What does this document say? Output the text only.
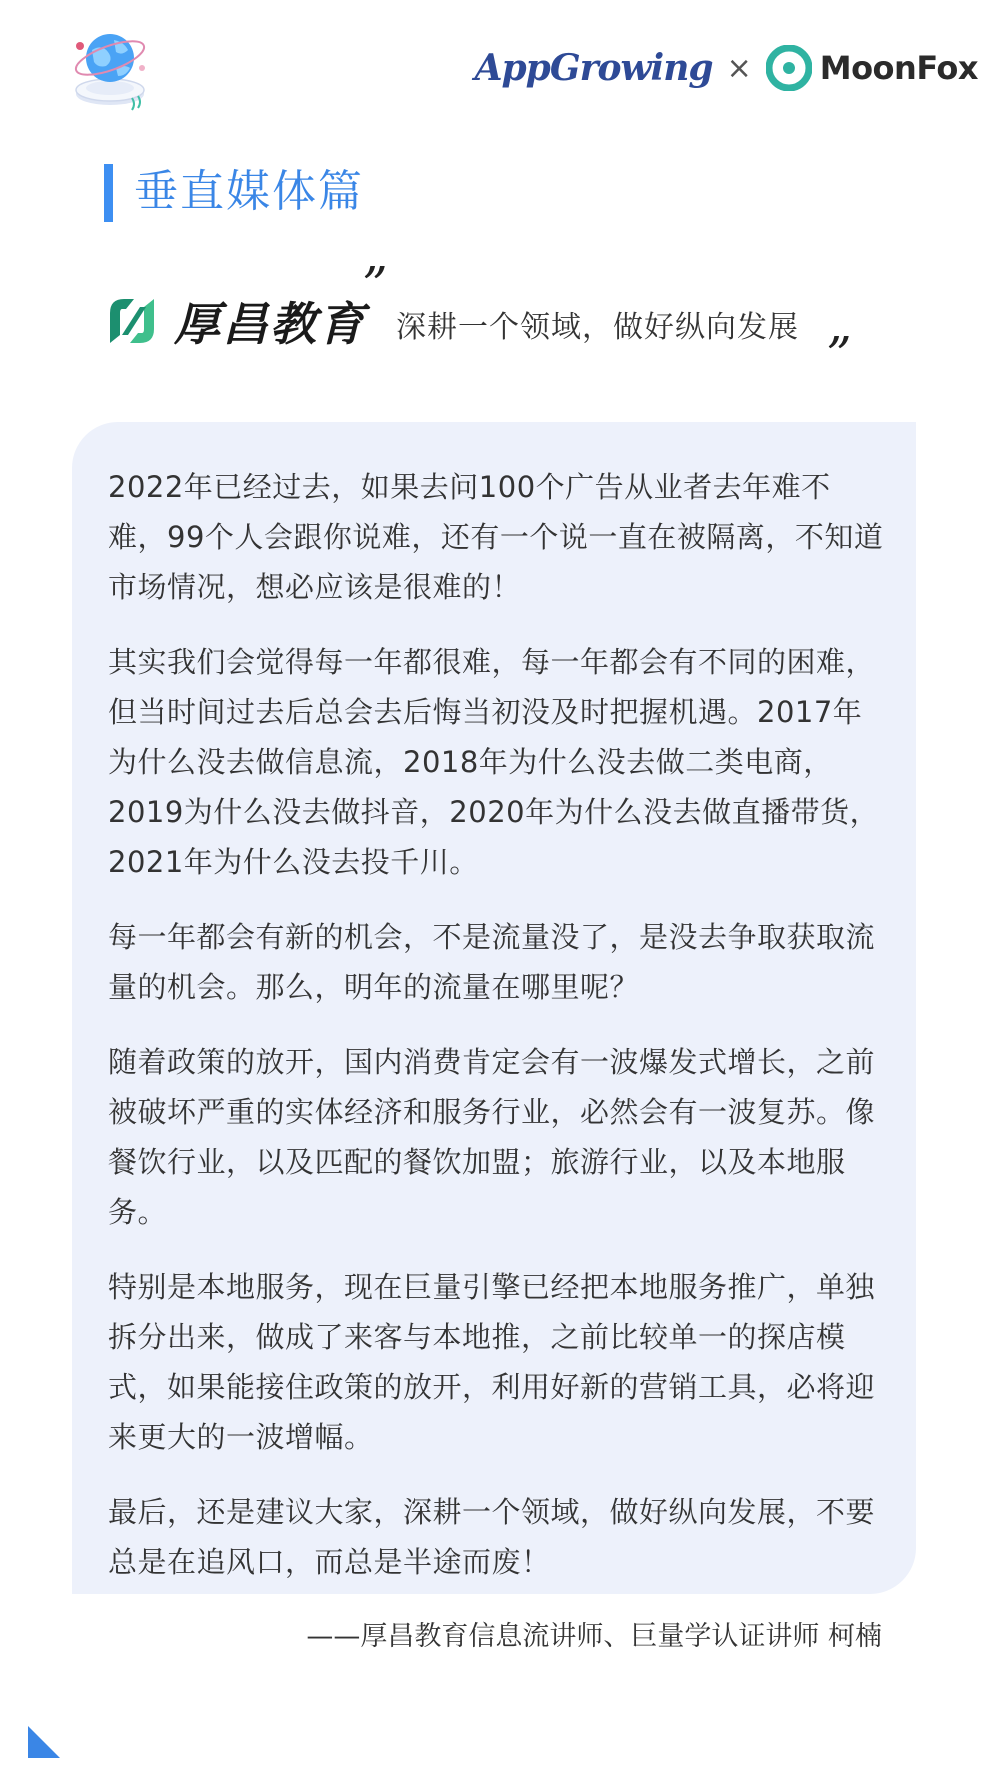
AppGrowing × MoonFox
垂直媒体篇
厚昌教育
”
深耕一个领域，做好纵向发展 ”

2022年已经过去，如果去问100个广告从业者去年难不难，99个人会跟你说难，还有一个说一直在被隔离，不知道市场情况，想必应该是很难的！

其实我们会觉得每一年都很难，每一年都会有不同的困难，但当时间过去后总会去后悔当初没及时把握机遇。2017年为什么没去做信息流，2018年为什么没去做二类电商，2019为什么没去做抖音，2020年为什么没去做直播带货，2021年为什么没去投千川。

每一年都会有新的机会，不是流量没了，是没去争取获取流量的机会。那么，明年的流量在哪里呢？

随着政策的放开，国内消费肯定会有一波爆发式增长，之前被破坏严重的实体经济和服务行业，必然会有一波复苏。像餐饮行业，以及匹配的餐饮加盟；旅游行业，以及本地服务。

特别是本地服务，现在巨量引擎已经把本地服务推广，单独拆分出来，做成了来客与本地推，之前比较单一的探店模式，如果能接住政策的放开，利用好新的营销工具，必将迎来更大的一波增幅。

最后，还是建议大家，深耕一个领域，做好纵向发展，不要总是在追风口，而总是半途而废！

——厚昌教育信息流讲师、巨量学认证讲师 柯楠
